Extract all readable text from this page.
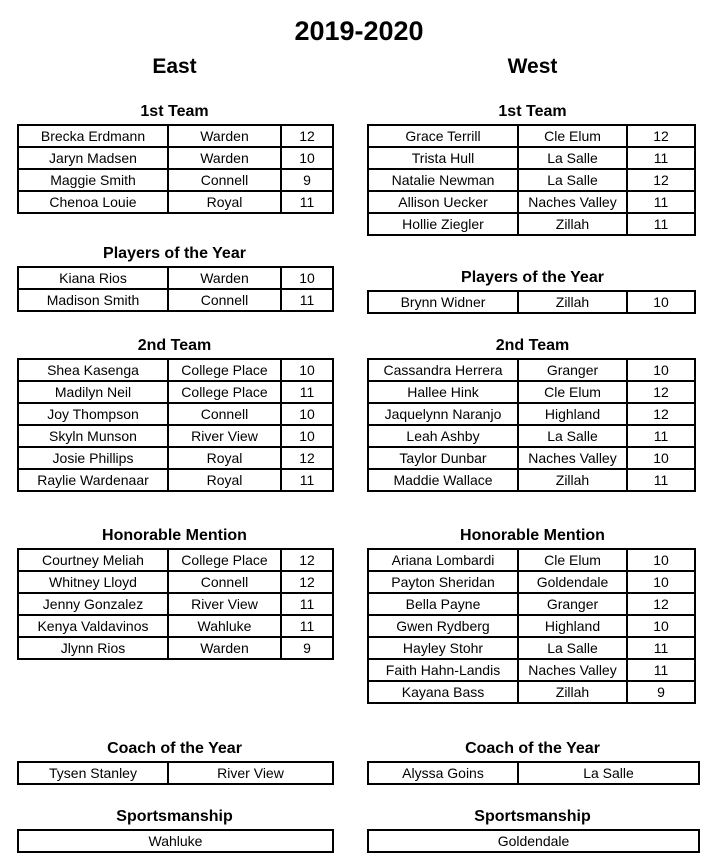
2019-2020
East	West
1st Team
Brecka Erdmann	Warden	12
Jaryn Madsen	Warden	10
Maggie Smith	Connell	9
Chenoa Louie	Royal	11
Players of the Year
Kiana Rios	Warden	10
Madison Smith	Connell	11
2nd Team
Shea Kasenga	College Place	10
Madilyn Neil	College Place	11
Joy Thompson	Connell	10
Skyln Munson	River View	10
Josie Phillips	Royal	12
Raylie Wardenaar	Royal	11
Honorable Mention
Courtney Meliah	College Place	12
Whitney Lloyd	Connell	12
Jenny Gonzalez	River View	11
Kenya Valdavinos	Wahluke	11
Jlynn Rios	Warden	9
Coach of the Year
Tysen Stanley	River View
Sportsmanship
Wahluke
1st Team
Grace Terrill	Cle Elum	12
Trista Hull	La Salle	11
Natalie Newman	La Salle	12
Allison Uecker	Naches Valley	11
Hollie Ziegler	Zillah	11
Players of the Year
Brynn Widner	Zillah	10
2nd Team
Cassandra Herrera	Granger	10
Hallee Hink	Cle Elum	12
Jaquelynn Naranjo	Highland	12
Leah Ashby	La Salle	11
Taylor Dunbar	Naches Valley	10
Maddie Wallace	Zillah	11
Honorable Mention
Ariana Lombardi	Cle Elum	10
Payton Sheridan	Goldendale	10
Bella Payne	Granger	12
Gwen Rydberg	Highland	10
Hayley Stohr	La Salle	11
Faith Hahn-Landis	Naches Valley	11
Kayana Bass	Zillah	9
Coach of the Year
Alyssa Goins	La Salle
Sportsmanship
Goldendale
